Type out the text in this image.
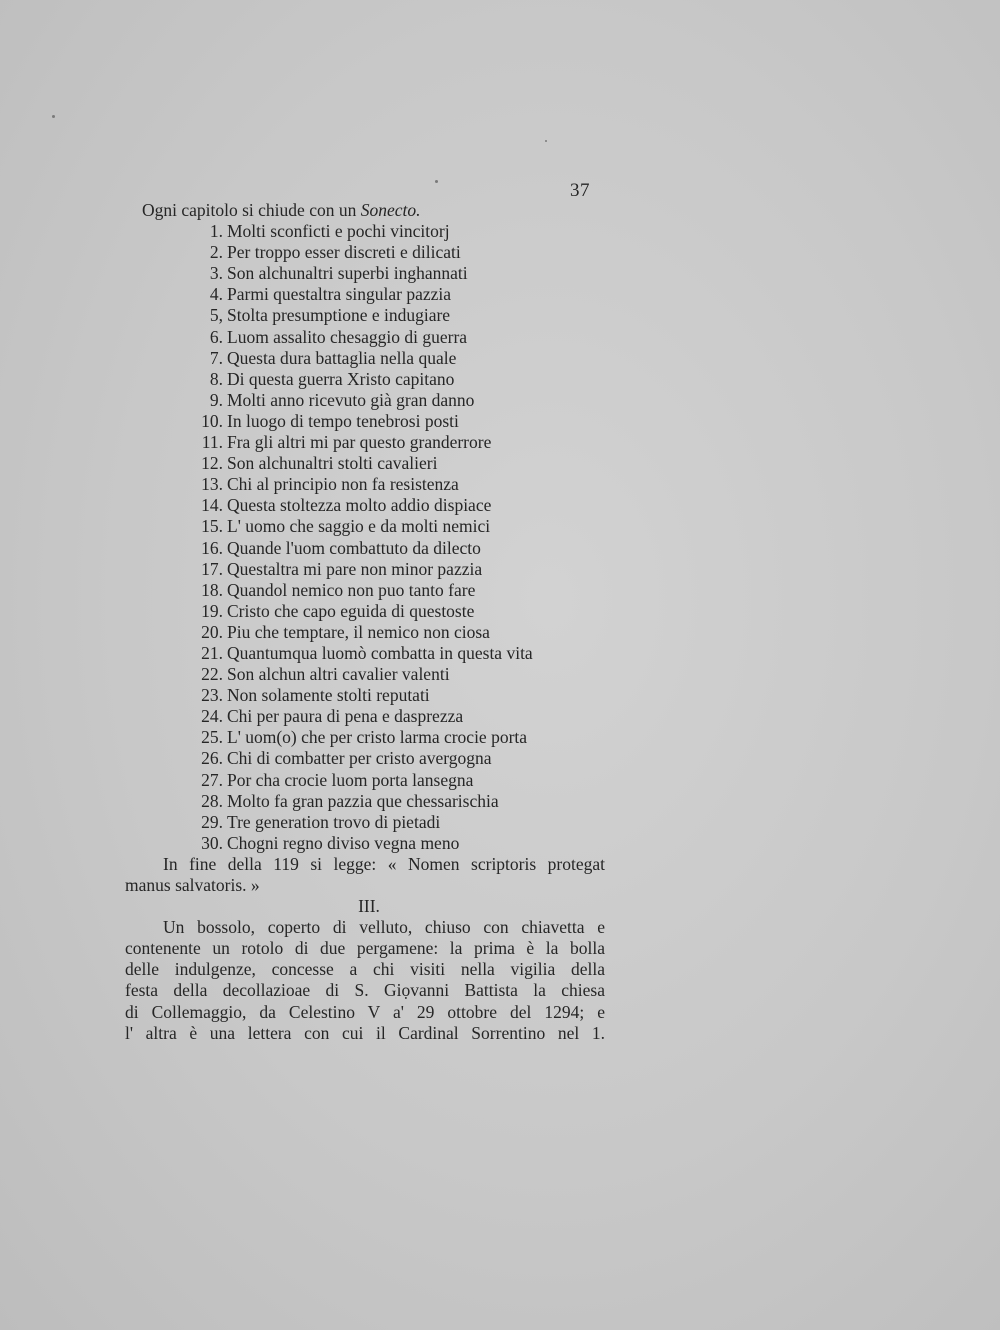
37
Ogni capitolo si chiude con un Sonecto.
1. Molti sconficti e pochi vincitorj
2. Per troppo esser discreti e dilicati
3. Son alchunaltri superbi inghannati
4. Parmi questaltra singular pazzia
5, Stolta presumptione e indugiare
6. Luom assalito chesaggio di guerra
7. Questa dura battaglia nella quale
8. Di questa guerra Xristo capitano
9. Molti anno ricevuto già gran danno
10. In luogo di tempo tenebrosi posti
11. Fra gli altri mi par questo granderrore
12. Son alchunaltri stolti cavalieri
13. Chi al principio non fa resistenza
14. Questa stoltezza molto addio dispiace
15. L' uomo che saggio e da molti nemici
16. Quande l'uom combattuto da dilecto
17. Questaltra mi pare non minor pazzia
18. Quandol nemico non puo tanto fare
19. Cristo che capo eguida di questoste
20. Piu che temptare, il nemico non ciosa
21. Quantumqua luomò combatta in questa vita
22. Son alchun altri cavalier valenti
23. Non solamente stolti reputati
24. Chi per paura di pena e dasprezza
25. L' uom(o) che per cristo larma crocie porta
26. Chi di combatter per cristo avergogna
27. Por cha crocie luom porta lansegna
28. Molto fa gran pazzia que chessarischia
29. Tre generation trovo di pietadi
30. Chogni regno diviso vegna meno
In fine della 119 si legge: « Nomen scriptoris protegat
manus salvatoris. »
III.
Un bossolo, coperto di velluto, chiuso con chiavetta e
contenente un rotolo di due pergamene: la prima è la bolla
delle indulgenze, concesse a chi visiti nella vigilia della
festa della decollazioae di S. Giọvanni Battista la chiesa
di Collemaggio, da Celestino V a' 29 ottobre del 1294; e
l' altra è una lettera con cui il Cardinal Sorrentino nel 1.
